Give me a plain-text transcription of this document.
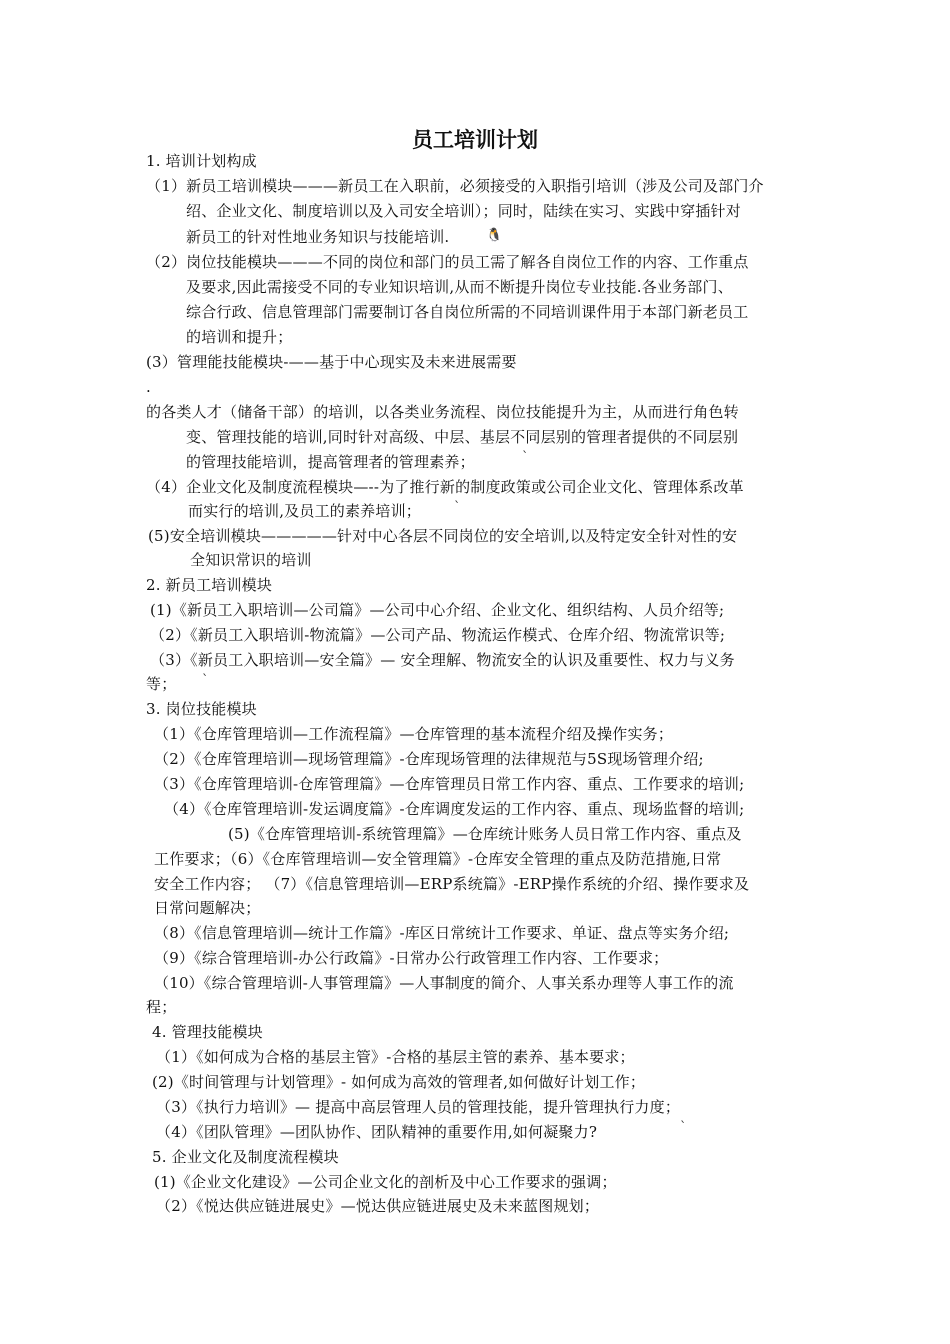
员工培训计划
1. 培训计划构成
（1）新员工培训模块———新员工在入职前，必须接受的入职指引培训（涉及公司及部门介
绍、企业文化、制度培训以及入司安全培训）；同时，陆续在实习、实践中穿插针对
新员工的针对性地业务知识与技能培训.	🐧
（2）岗位技能模块———不同的岗位和部门的员工需了解各自岗位工作的内容、工作重点
及要求,因此需接受不同的专业知识培训,从而不断提升岗位专业技能.各业务部门、
综合行政、信息管理部门需要制订各自岗位所需的不同培训课件用于本部门新老员工
的培训和提升；
(3）管理能技能模块-——基于中心现实及未来进展需要
.
的各类人才（储备干部）的培训，以各类业务流程、岗位技能提升为主，从而进行角色转
变、管理技能的培训,同时针对高级、中层、基层不同层别的管理者提供的不同层别
的管理技能培训，提高管理者的管理素养；	ˋ
（4）企业文化及制度流程模块—--为了推行新的制度政策或公司企业文化、管理体系改革
而实行的培训,及员工的素养培训；	ˋ
(5)安全培训模块—————针对中心各层不同岗位的安全培训,以及特定安全针对性的安
全知识常识的培训
2. 新员工培训模块
(1)《新员工入职培训—公司篇》—公司中心介绍、企业文化、组织结构、人员介绍等;
（2）《新员工入职培训-物流篇》—公司产品、物流运作模式、仓库介绍、物流常识等;
（3）《新员工入职培训—安全篇》— 安全理解、物流安全的认识及重要性、权力与义务
等； ˋ
3. 岗位技能模块
（1）《仓库管理培训—工作流程篇》—仓库管理的基本流程介绍及操作实务；
（2）《仓库管理培训—现场管理篇》-仓库现场管理的法律规范与5S现场管理介绍;
（3）《仓库管理培训-仓库管理篇》—仓库管理员日常工作内容、重点、工作要求的培训;
（4）《仓库管理培训-发运调度篇》-仓库调度发运的工作内容、重点、现场监督的培训;
(5)《仓库管理培训-系统管理篇》—仓库统计账务人员日常工作内容、重点及
工作要求；（6）《仓库管理培训—安全管理篇》-仓库安全管理的重点及防范措施,日常
安全工作内容； （7）《信息管理培训—ERP系统篇》-ERP操作系统的介绍、操作要求及
日常问题解决；
（8）《信息管理培训—统计工作篇》-库区日常统计工作要求、单证、盘点等实务介绍;
（9）《综合管理培训-办公行政篇》-日常办公行政管理工作内容、工作要求；
（10）《综合管理培训-人事管理篇》—人事制度的简介、人事关系办理等人事工作的流
程；
4. 管理技能模块
（1）《如何成为合格的基层主管》-合格的基层主管的素养、基本要求；
(2)《时间管理与计划管理》- 如何成为高效的管理者,如何做好计划工作；
（3）《执行力培训》— 提高中高层管理人员的管理技能，提升管理执行力度；
（4）《团队管理》—团队协作、团队精神的重要作用,如何凝聚力?	ˋ
5. 企业文化及制度流程模块
(1)《企业文化建设》—公司企业文化的剖析及中心工作要求的强调；
（2）《悦达供应链进展史》—悦达供应链进展史及未来蓝图规划；
